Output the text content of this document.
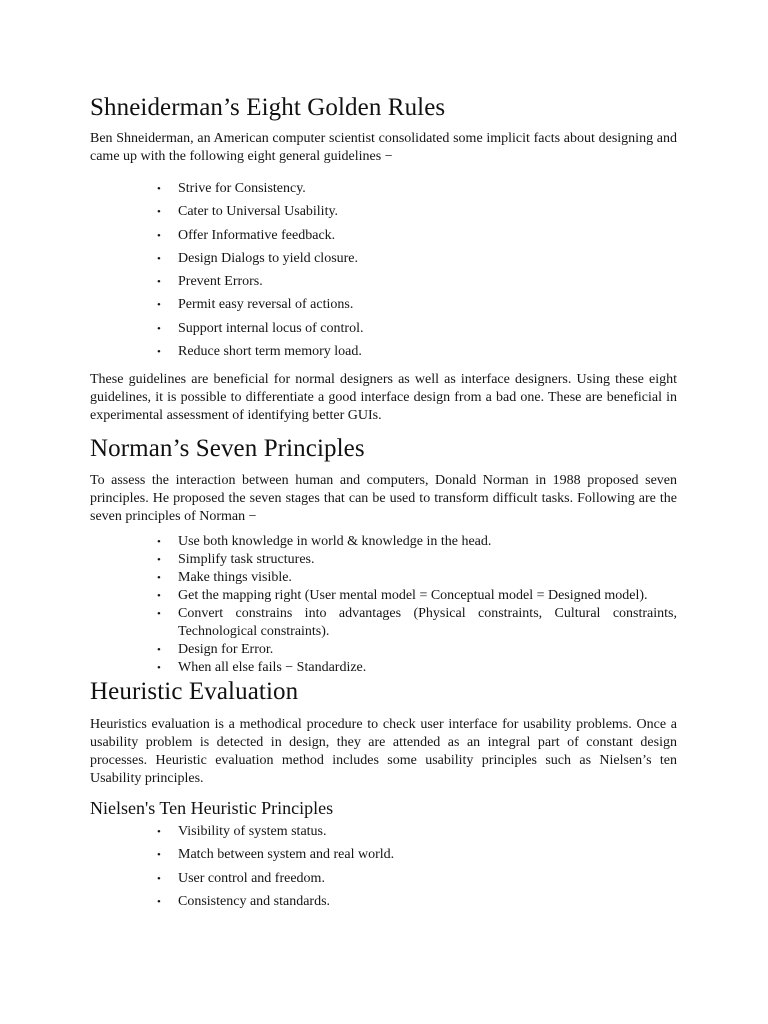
Shneiderman’s Eight Golden Rules

Ben Shneiderman, an American computer scientist consolidated some implicit facts about designing and came up with the following eight general guidelines −

•	Strive for Consistency.
•	Cater to Universal Usability.
•	Offer Informative feedback.
•	Design Dialogs to yield closure.
•	Prevent Errors.
•	Permit easy reversal of actions.
•	Support internal locus of control.
•	Reduce short term memory load.

These guidelines are beneficial for normal designers as well as interface designers. Using these eight guidelines, it is possible to differentiate a good interface design from a bad one. These are beneficial in experimental assessment of identifying better GUIs.

Norman’s Seven Principles

To assess the interaction between human and computers, Donald Norman in 1988 proposed seven principles. He proposed the seven stages that can be used to transform difficult tasks. Following are the seven principles of Norman −

•	Use both knowledge in world & knowledge in the head.
•	Simplify task structures.
•	Make things visible.
•	Get the mapping right (User mental model = Conceptual model = Designed model).
•	Convert constrains into advantages (Physical constraints, Cultural constraints, Technological constraints).
•	Design for Error.
•	When all else fails − Standardize.
Heuristic Evaluation

Heuristics evaluation is a methodical procedure to check user interface for usability problems. Once a usability problem is detected in design, they are attended as an integral part of constant design processes. Heuristic evaluation method includes some usability principles such as Nielsen’s ten Usability principles.

Nielsen's Ten Heuristic Principles
•	Visibility of system status.
•	Match between system and real world.
•	User control and freedom.
•	Consistency and standards.
